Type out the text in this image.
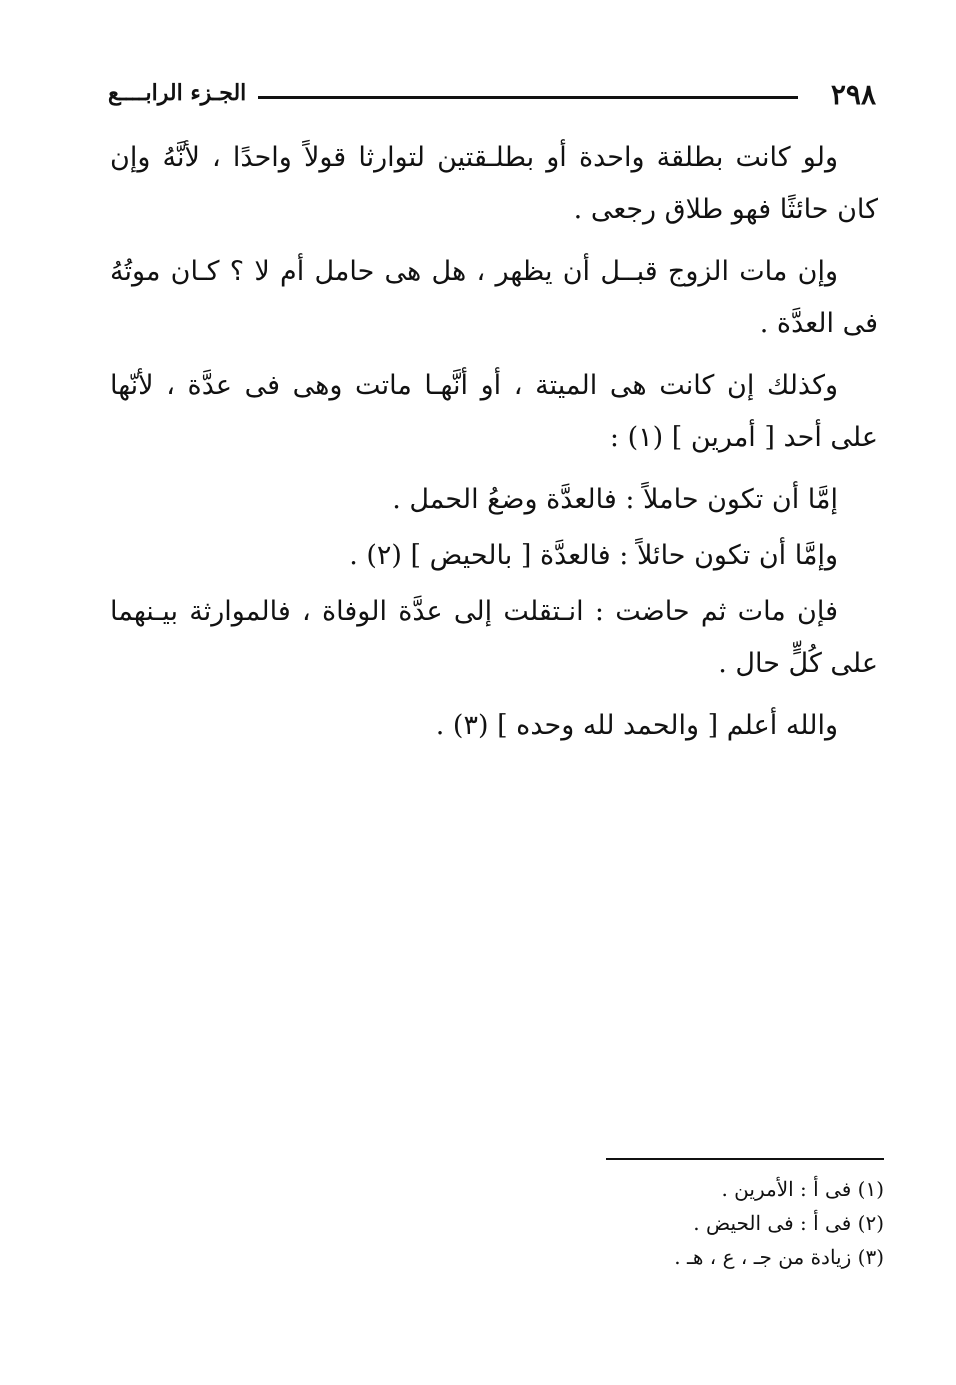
٢٩٨
الجـزء الرابــــع

ولو كانت بطلقة واحدة أو بطلـقتين لتوارثا قولاً واحدًا ، لأنَّهُ وإن كان حائثًا فهو طلاق رجعى .

وإن مات الزوج قبــل أن يظهر ، هل هى حامل أم لا ؟ كـان موتُهُ فى العدَّة .

وكذلك إن كانت هى الميتة ، أو أنَّهـا ماتت وهى فى عدَّة ، لأنّها على أحد [ أمرين ] (١) :

إمَّا أن تكون حاملاً : فالعدَّة وضعُ الحمل .

وإمَّا أن تكون حائلاً : فالعدَّة [ بالحيض ] (٢) .

فإن مات ثم حاضت : انـتقلت إلى عدَّة الوفاة ، فالموارثة بيـنهما على كُلٍّ حال .

والله أعلم [ والحمد لله وحده ] (٣) .

(١) فى أ : الأمرين .

(٢) فى أ : فى الحيض .

(٣) زيادة من جـ ، ع ، هـ .
